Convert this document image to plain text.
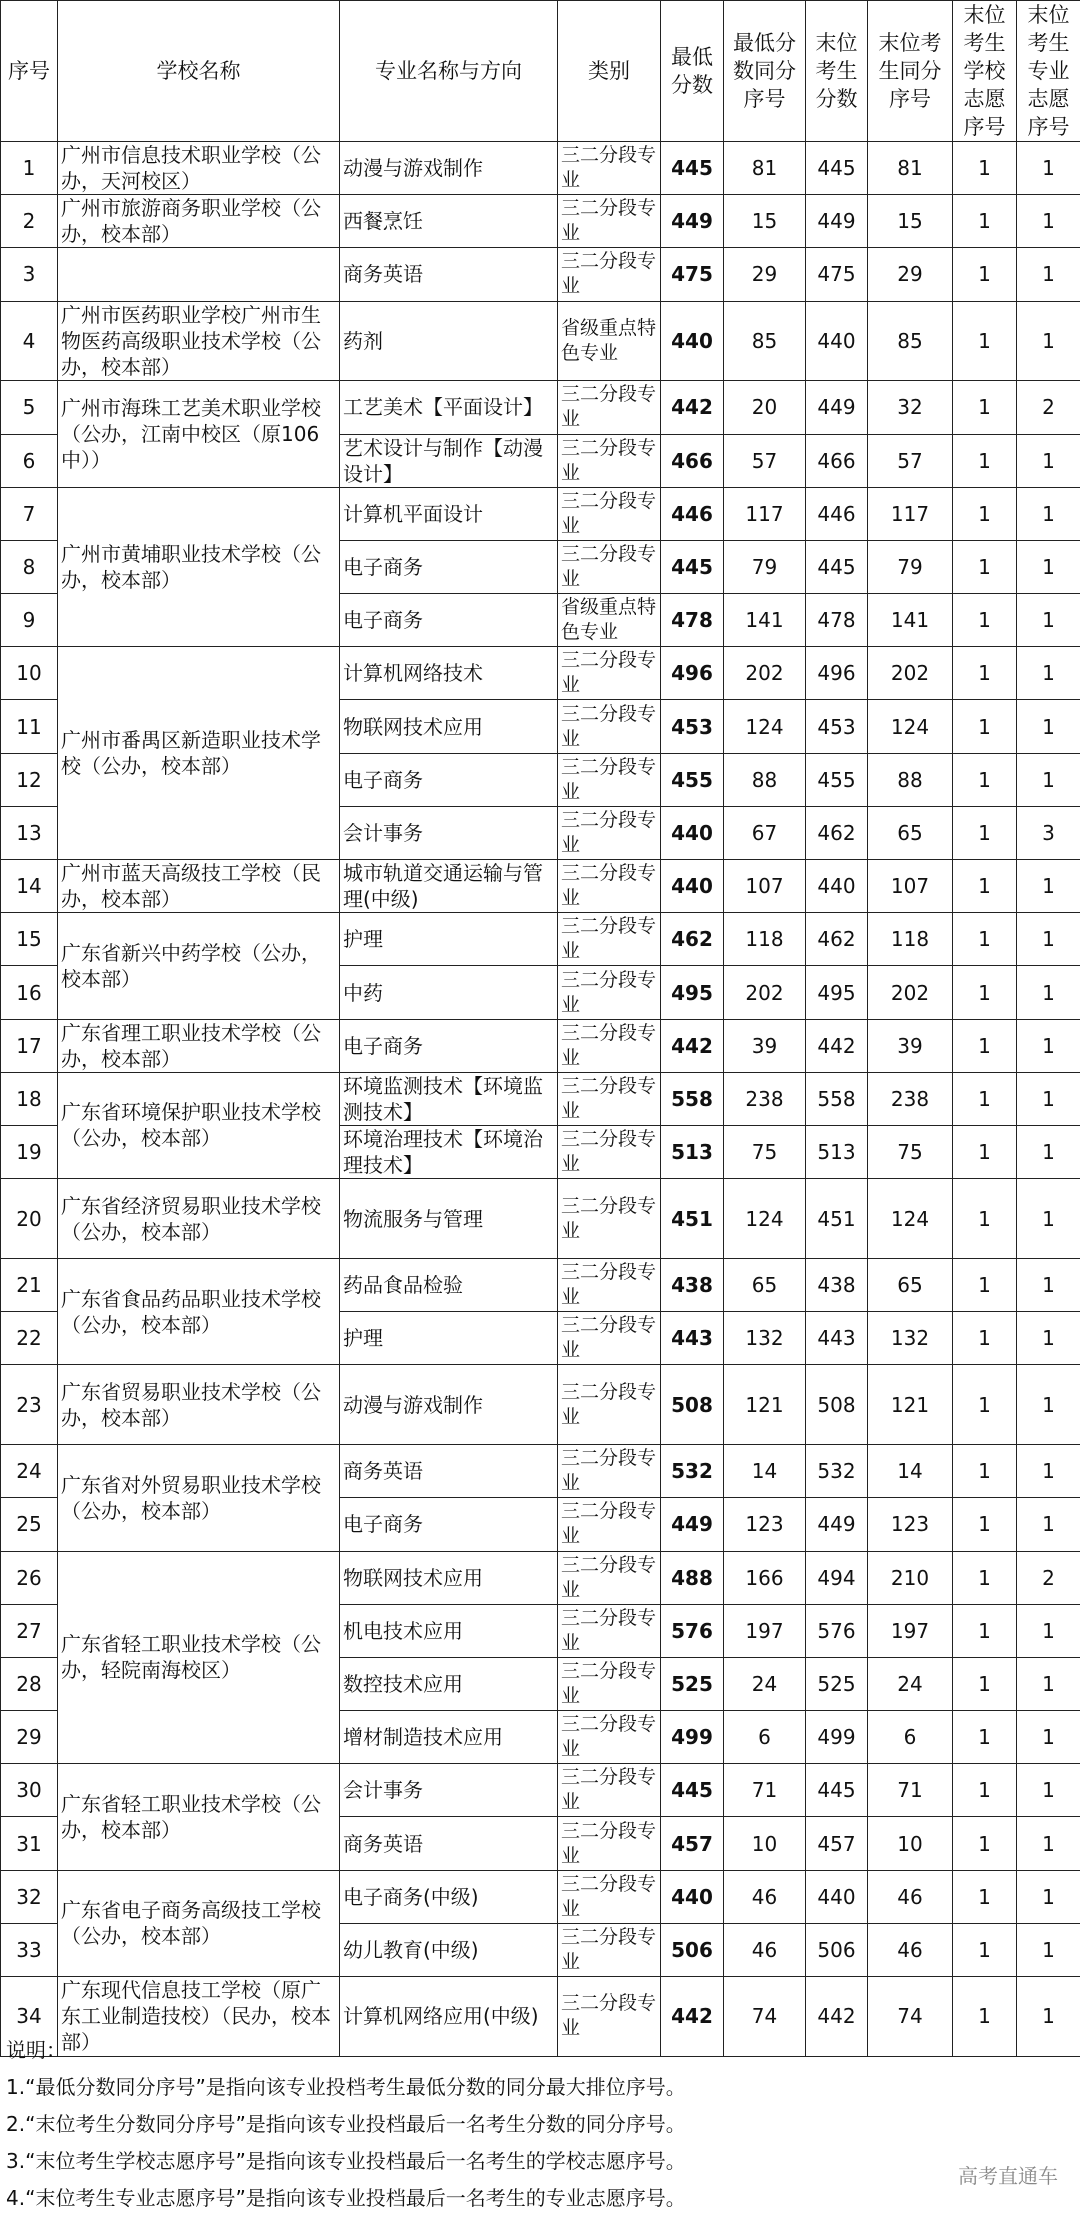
序号	学校名称	专业名称与方向	类别	最低分数	最低分数同分序号	末位考生分数	末位考生同分序号	末位考生学校志愿序号	末位考生专业志愿序号
1	广州市信息技术职业学校（公办，天河校区）	动漫与游戏制作	三二分段专业	445	81	445	81	1	1
2	广州市旅游商务职业学校（公办，校本部）	西餐烹饪	三二分段专业	449	15	449	15	1	1
3		商务英语	三二分段专业	475	29	475	29	1	1
4	广州市医药职业学校广州市生物医药高级职业技术学校（公办，校本部）	药剂	省级重点特色专业	440	85	440	85	1	1
5	广州市海珠工艺美术职业学校（公办，江南中校区（原106中））	工艺美术【平面设计】	三二分段专业	442	20	449	32	1	2
6		艺术设计与制作【动漫设计】	三二分段专业	466	57	466	57	1	1
7	广州市黄埔职业技术学校（公办，校本部）	计算机平面设计	三二分段专业	446	117	446	117	1	1
8		电子商务	三二分段专业	445	79	445	79	1	1
9		电子商务	省级重点特色专业	478	141	478	141	1	1
10	广州市番禺区新造职业技术学校（公办，校本部）	计算机网络技术	三二分段专业	496	202	496	202	1	1
11		物联网技术应用	三二分段专业	453	124	453	124	1	1
12		电子商务	三二分段专业	455	88	455	88	1	1
13		会计事务	三二分段专业	440	67	462	65	1	3
14	广州市蓝天高级技工学校（民办，校本部）	城市轨道交通运输与管理(中级)	三二分段专业	440	107	440	107	1	1
15	广东省新兴中药学校（公办，校本部）	护理	三二分段专业	462	118	462	118	1	1
16		中药	三二分段专业	495	202	495	202	1	1
17	广东省理工职业技术学校（公办，校本部）	电子商务	三二分段专业	442	39	442	39	1	1
18	广东省环境保护职业技术学校（公办，校本部）	环境监测技术【环境监测技术】	三二分段专业	558	238	558	238	1	1
19		环境治理技术【环境治理技术】	三二分段专业	513	75	513	75	1	1
20	广东省经济贸易职业技术学校（公办，校本部）	物流服务与管理	三二分段专业	451	124	451	124	1	1
21	广东省食品药品职业技术学校（公办，校本部）	药品食品检验	三二分段专业	438	65	438	65	1	1
22		护理	三二分段专业	443	132	443	132	1	1
23	广东省贸易职业技术学校（公办，校本部）	动漫与游戏制作	三二分段专业	508	121	508	121	1	1
24	广东省对外贸易职业技术学校（公办，校本部）	商务英语	三二分段专业	532	14	532	14	1	1
25		电子商务	三二分段专业	449	123	449	123	1	1
26	广东省轻工职业技术学校（公办，轻院南海校区）	物联网技术应用	三二分段专业	488	166	494	210	1	2
27		机电技术应用	三二分段专业	576	197	576	197	1	1
28		数控技术应用	三二分段专业	525	24	525	24	1	1
29		增材制造技术应用	三二分段专业	499	6	499	6	1	1
30	广东省轻工职业技术学校（公办，校本部）	会计事务	三二分段专业	445	71	445	71	1	1
31		商务英语	三二分段专业	457	10	457	10	1	1
32	广东省电子商务高级技工学校（公办，校本部）	电子商务(中级)	三二分段专业	440	46	440	46	1	1
33		幼儿教育(中级)	三二分段专业	506	46	506	46	1	1
34	广东现代信息技工学校（原广东工业制造技校）（民办，校本部）	计算机网络应用(中级)	三二分段专业	442	74	442	74	1	1
说明：
1.“最低分数同分序号”是指向该专业投档考生最低分数的同分最大排位序号。
2.“末位考生分数同分序号”是指向该专业投档最后一名考生分数的同分序号。
3.“末位考生学校志愿序号”是指向该专业投档最后一名考生的学校志愿序号。
4.“末位考生专业志愿序号”是指向该专业投档最后一名考生的专业志愿序号。
高考直通车
